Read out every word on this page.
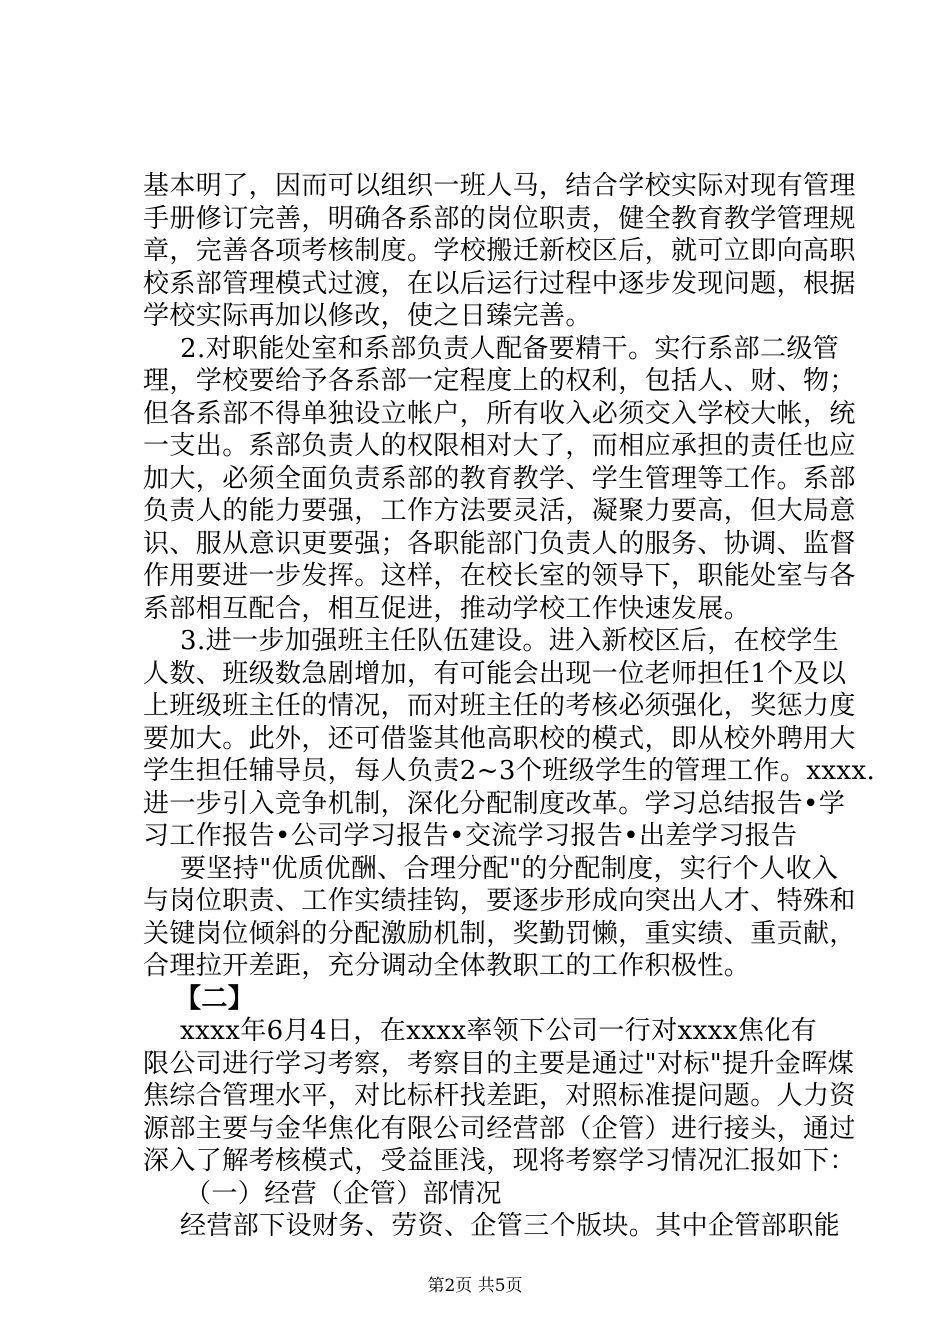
基本明了，因而可以组织一班人马，结合学校实际对现有管理
手册修订完善，明确各系部的岗位职责，健全教育教学管理规
章，完善各项考核制度。学校搬迁新校区后，就可立即向高职
校系部管理模式过渡，在以后运行过程中逐步发现问题，根据
学校实际再加以修改，使之日臻完善。
2.对职能处室和系部负责人配备要精干。实行系部二级管
理，学校要给予各系部一定程度上的权利，包括人、财、物；
但各系部不得单独设立帐户，所有收入必须交入学校大帐，统
一支出。系部负责人的权限相对大了，而相应承担的责任也应
加大，必须全面负责系部的教育教学、学生管理等工作。系部
负责人的能力要强，工作方法要灵活，凝聚力要高，但大局意
识、服从意识更要强；各职能部门负责人的服务、协调、监督
作用要进一步发挥。这样，在校长室的领导下，职能处室与各
系部相互配合，相互促进，推动学校工作快速发展。
3.进一步加强班主任队伍建设。进入新校区后，在校学生
人数、班级数急剧增加，有可能会出现一位老师担任1个及以
上班级班主任的情况，而对班主任的考核必须强化，奖惩力度
要加大。此外，还可借鉴其他高职校的模式，即从校外聘用大
学生担任辅导员，每人负责2~3个班级学生的管理工作。xxxx.
进一步引入竞争机制，深化分配制度改革。学习总结报告•学
习工作报告•公司学习报告•交流学习报告•出差学习报告
要坚持"优质优酬、合理分配"的分配制度，实行个人收入
与岗位职责、工作实绩挂钩，要逐步形成向突出人才、特殊和
关键岗位倾斜的分配激励机制，奖勤罚懒，重实绩、重贡献，
合理拉开差距，充分调动全体教职工的工作积极性。
【二】
xxxx年6月4日，在xxxx率领下公司一行对xxxx焦化有
限公司进行学习考察，考察目的主要是通过"对标"提升金晖煤
焦综合管理水平，对比标杆找差距，对照标准提问题。人力资
源部主要与金华焦化有限公司经营部（企管）进行接头，通过
深入了解考核模式，受益匪浅，现将考察学习情况汇报如下：
（一）经营（企管）部情况
经营部下设财务、劳资、企管三个版块。其中企管部职能
第2页 共5页
